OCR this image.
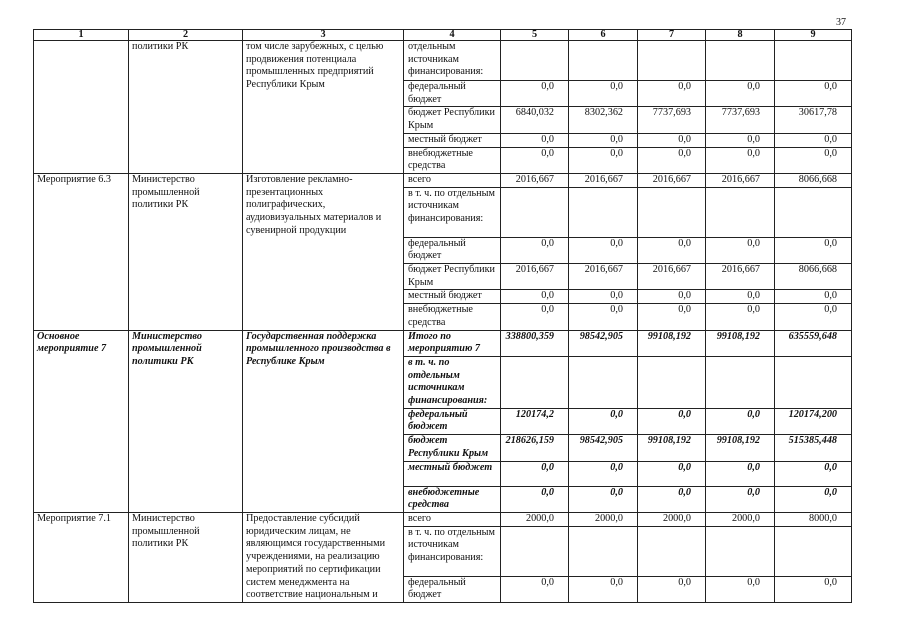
37
1	2	3	4	5	6	7	8	9
	политики РК	том числе зарубежных, с целью продвижения потенциала промышленных предприятий Республики Крым	отдельным источникам финансирования:					
			федеральный бюджет	0,0	0,0	0,0	0,0	0,0
			бюджет Республики Крым	6840,032	8302,362	7737,693	7737,693	30617,78
			местный бюджет	0,0	0,0	0,0	0,0	0,0
			внебюджетные средства	0,0	0,0	0,0	0,0	0,0
Мероприятие 6.3	Министерство промышленной политики РК	Изготовление рекламно-презентационных полиграфических, аудиовизуальных материалов и сувенирной продукции	всего	2016,667	2016,667	2016,667	2016,667	8066,668
			в т. ч. по отдельным источникам финансирования:					
			федеральный бюджет	0,0	0,0	0,0	0,0	0,0
			бюджет Республики Крым	2016,667	2016,667	2016,667	2016,667	8066,668
			местный бюджет	0,0	0,0	0,0	0,0	0,0
			внебюджетные средства	0,0	0,0	0,0	0,0	0,0
Основное мероприятие 7	Министерство промышленной политики РК	Государственная поддержка промышленного производства в Республике Крым	Итого по мероприятию 7	338800,359	98542,905	99108,192	99108,192	635559,648
			в т. ч. по отдельным источникам финансирования:					
			федеральный бюджет	120174,2	0,0	0,0	0,0	120174,200
			бюджет Республики Крым	218626,159	98542,905	99108,192	99108,192	515385,448
			местный бюджет	0,0	0,0	0,0	0,0	0,0
			внебюджетные средства	0,0	0,0	0,0	0,0	0,0
Мероприятие 7.1	Министерство промышленной политики РК	Предоставление субсидий юридическим лицам, не являющимся государственными учреждениями, на реализацию мероприятий по сертификации систем менеджмента на соответствие национальным и	всего	2000,0	2000,0	2000,0	2000,0	8000,0
			в т. ч. по отдельным источникам финансирования:					
			федеральный бюджет	0,0	0,0	0,0	0,0	0,0
